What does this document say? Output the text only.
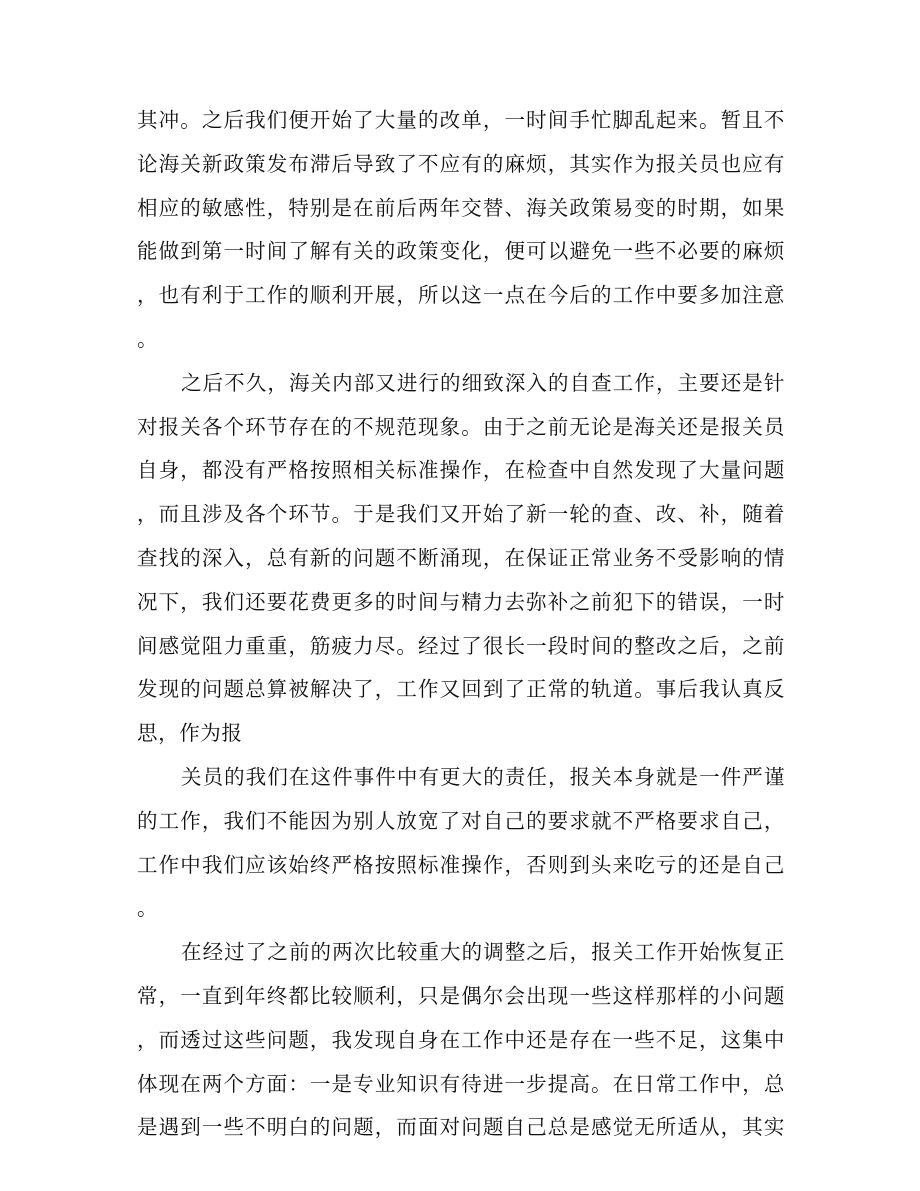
其冲。之后我们便开始了大量的改单，一时间手忙脚乱起来。暂且不
论海关新政策发布滞后导致了不应有的麻烦，其实作为报关员也应有
相应的敏感性，特别是在前后两年交替、海关政策易变的时期，如果
能做到第一时间了解有关的政策变化，便可以避免一些不必要的麻烦
，也有利于工作的顺利开展，所以这一点在今后的工作中要多加注意
。
之后不久，海关内部又进行的细致深入的自查工作，主要还是针
对报关各个环节存在的不规范现象。由于之前无论是海关还是报关员
自身，都没有严格按照相关标准操作，在检查中自然发现了大量问题
，而且涉及各个环节。于是我们又开始了新一轮的查、改、补，随着
查找的深入，总有新的问题不断涌现，在保证正常业务不受影响的情
况下，我们还要花费更多的时间与精力去弥补之前犯下的错误，一时
间感觉阻力重重，筋疲力尽。经过了很长一段时间的整改之后，之前
发现的问题总算被解决了，工作又回到了正常的轨道。事后我认真反
思，作为报
关员的我们在这件事件中有更大的责任，报关本身就是一件严谨
的工作，我们不能因为别人放宽了对自己的要求就不严格要求自己，
工作中我们应该始终严格按照标准操作，否则到头来吃亏的还是自己
。
在经过了之前的两次比较重大的调整之后，报关工作开始恢复正
常，一直到年终都比较顺利，只是偶尔会出现一些这样那样的小问题
，而透过这些问题，我发现自身在工作中还是存在一些不足，这集中
体现在两个方面：一是专业知识有待进一步提高。在日常工作中，总
是遇到一些不明白的问题，而面对问题自己总是感觉无所适从，其实
